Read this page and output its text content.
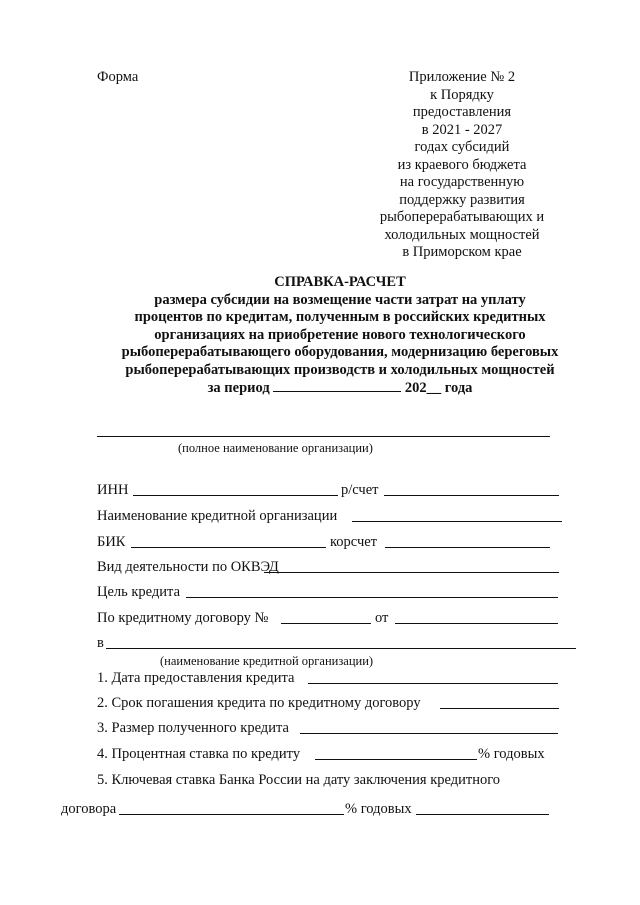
Форма	Приложение № 2
к Порядку
предоставления
в 2021 - 2027
годах субсидий
из краевого бюджета
на государственную
поддержку развития
рыбоперерабатывающих и
холодильных мощностей
в Приморском крае
СПРАВКА-РАСЧЕТ
размера субсидии на возмещение части затрат на уплату
процентов по кредитам, полученным в российских кредитных
организациях на приобретение нового технологического
рыбоперерабатывающего оборудования, модернизацию береговых
рыбоперерабатывающих производств и холодильных мощностей
за период	202__ года
(полное наименование организации)
ИНН	р/счет
Наименование кредитной организации
БИК	корсчет
Вид деятельности по ОКВЭД
Цель кредита
По кредитному договору №	от
в
(наименование кредитной организации)
1. Дата предоставления кредита
2. Срок погашения кредита по кредитному договору
3. Размер полученного кредита
4. Процентная ставка по кредиту	% годовых
5. Ключевая ставка Банка России на дату заключения кредитного
договора	% годовых
